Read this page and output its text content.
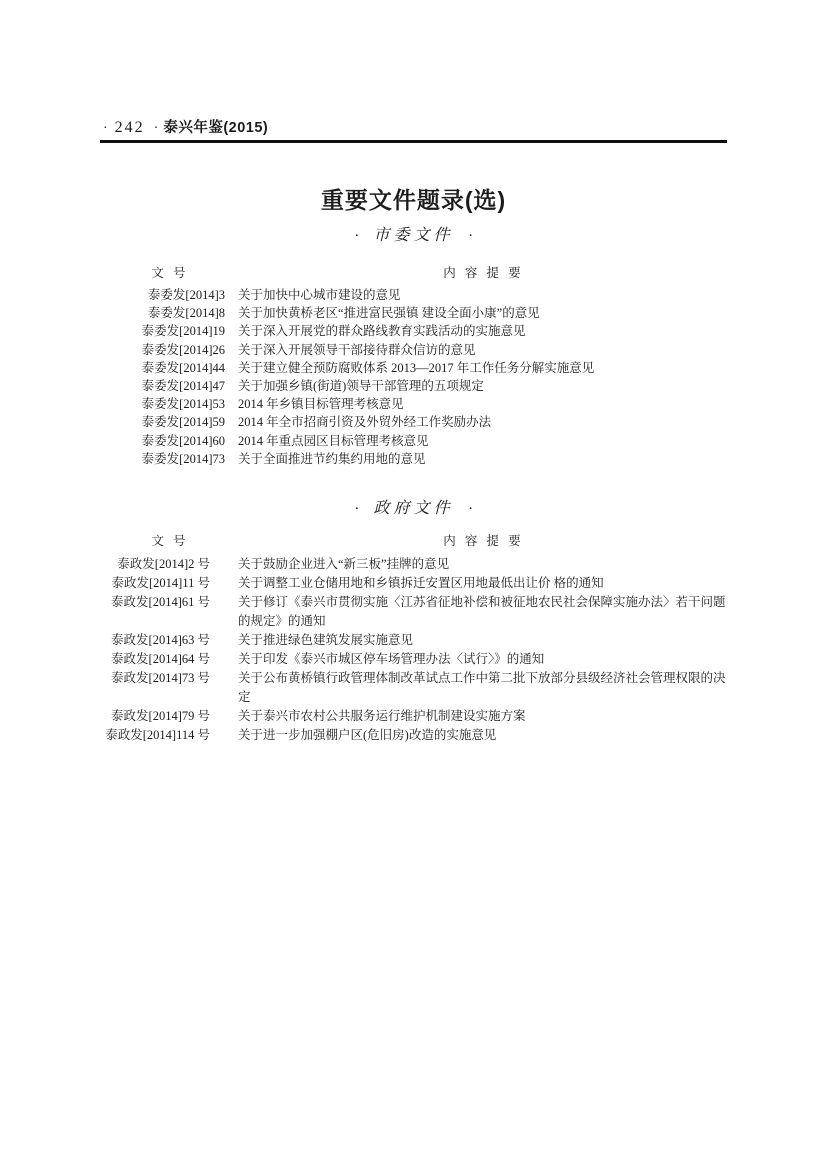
· 242 · 泰兴年鉴(2015)
重要文件题录(选)
· 市委文件 ·
文 号	内 容 提 要
泰委发[2014]3 关于加快中心城市建设的意见
泰委发[2014]8 关于加快黄桥老区“推进富民强镇 建设全面小康”的意见
泰委发[2014]19 关于深入开展党的群众路线教育实践活动的实施意见
泰委发[2014]26 关于深入开展领导干部接待群众信访的意见
泰委发[2014]44 关于建立健全预防腐败体系 2013—2017 年工作任务分解实施意见
泰委发[2014]47 关于加强乡镇(街道)领导干部管理的五项规定
泰委发[2014]53 2014 年乡镇目标管理考核意见
泰委发[2014]59 2014 年全市招商引资及外贸外经工作奖励办法
泰委发[2014]60 2014 年重点园区目标管理考核意见
泰委发[2014]73 关于全面推进节约集约用地的意见
· 政府文件 ·
文 号	内 容 提 要
泰政发[2014]2 号 关于鼓励企业进入“新三板”挂牌的意见
泰政发[2014]11 号 关于调整工业仓储用地和乡镇拆迁安置区用地最低出让价 格的通知
泰政发[2014]61 号 关于修订《泰兴市贯彻实施〈江苏省征地补偿和被征地农民社会保障实施办法〉若干问题的规定》的通知
泰政发[2014]63 号 关于推进绿色建筑发展实施意见
泰政发[2014]64 号 关于印发《泰兴市城区停车场管理办法〈试行〉》的通知
泰政发[2014]73 号 关于公布黄桥镇行政管理体制改革试点工作中第二批下放部分县级经济社会管理权限的决定
泰政发[2014]79 号 关于泰兴市农村公共服务运行维护机制建设实施方案
泰政发[2014]114 号 关于进一步加强棚户区(危旧房)改造的实施意见
